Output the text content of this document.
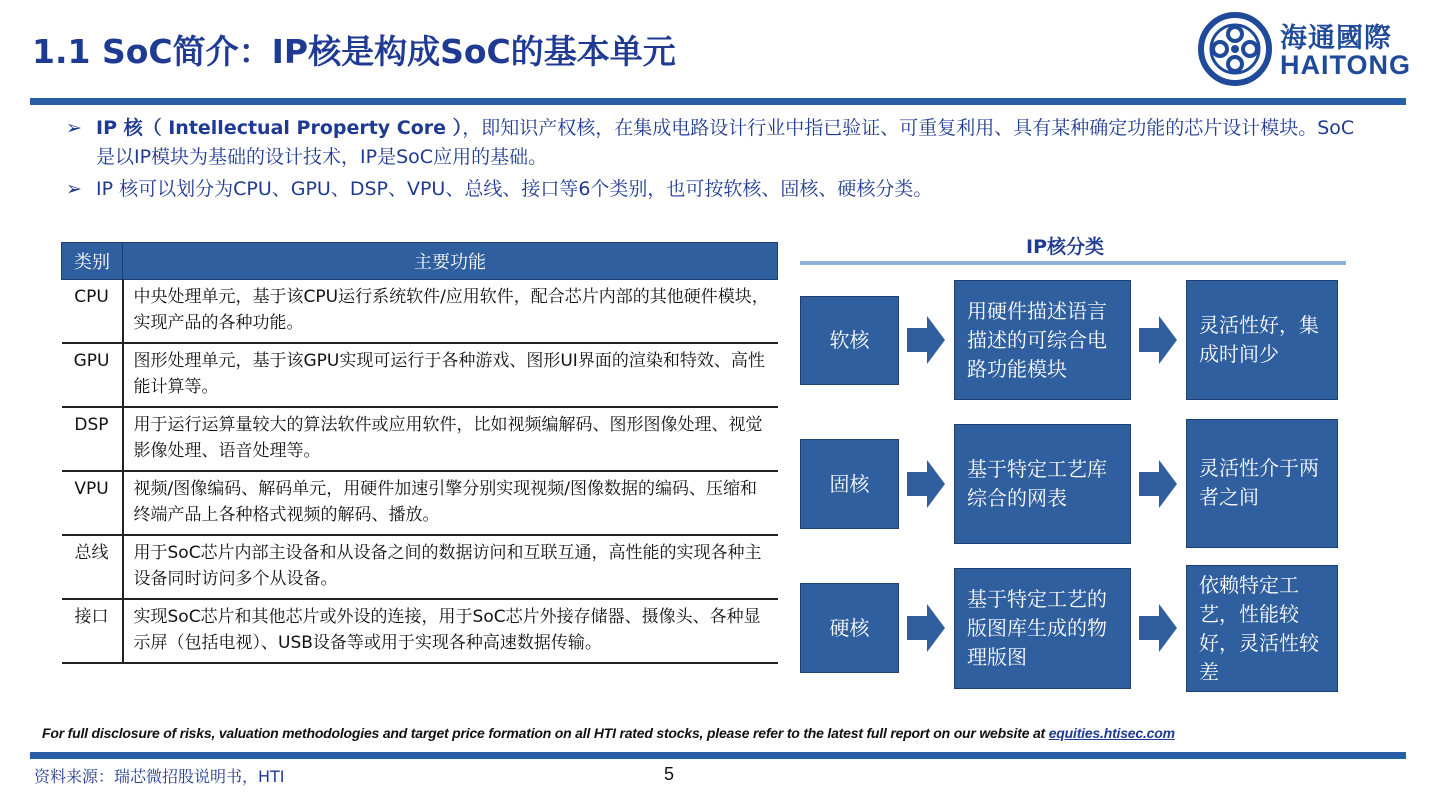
1.1 SoC简介：IP核是构成SoC的基本单元	海通國際
HAITONG

➢ IP 核（ Intellectual Property Core ），即知识产权核，在集成电路设计行业中指已验证、可重复利用、具有某种确定功能的芯片设计模块。SoC是以IP模块为基础的设计技术，IP是SoC应用的基础。

➢ IP 核可以划分为CPU、GPU、DSP、VPU、总线、接口等6个类别，也可按软核、固核、硬核分类。

类别	主要功能
CPU	中央处理单元，基于该CPU运行系统软件/应用软件，配合芯片内部的其他硬件模块，实现产品的各种功能。
GPU	图形处理单元，基于该GPU实现可运行于各种游戏、图形UI界面的渲染和特效、高性能计算等。
DSP	用于运行运算量较大的算法软件或应用软件，比如视频编解码、图形图像处理、视觉影像处理、语音处理等。
VPU	视频/图像编码、解码单元，用硬件加速引擎分别实现视频/图像数据的编码、压缩和终端产品上各种格式视频的解码、播放。
总线	用于SoC芯片内部主设备和从设备之间的数据访问和互联互通，高性能的实现各种主设备同时访问多个从设备。
接口	实现SoC芯片和其他芯片或外设的连接，用于SoC芯片外接存储器、摄像头、各种显示屏（包括电视）、USB设备等或用于实现各种高速数据传输。
IP核分类
软核
用硬件描述语言描述的可综合电路功能模块
灵活性好，集成时间少
固核
基于特定工艺库综合的网表
灵活性介于两者之间
硬核
基于特定工艺的版图库生成的物理版图
依赖特定工艺，性能较好，灵活性较差
For full disclosure of risks, valuation methodologies and target price formation on all HTI rated stocks, please refer to the latest full report on our website at equities.htisec.com
资料来源：瑞芯微招股说明书，HTI	5
